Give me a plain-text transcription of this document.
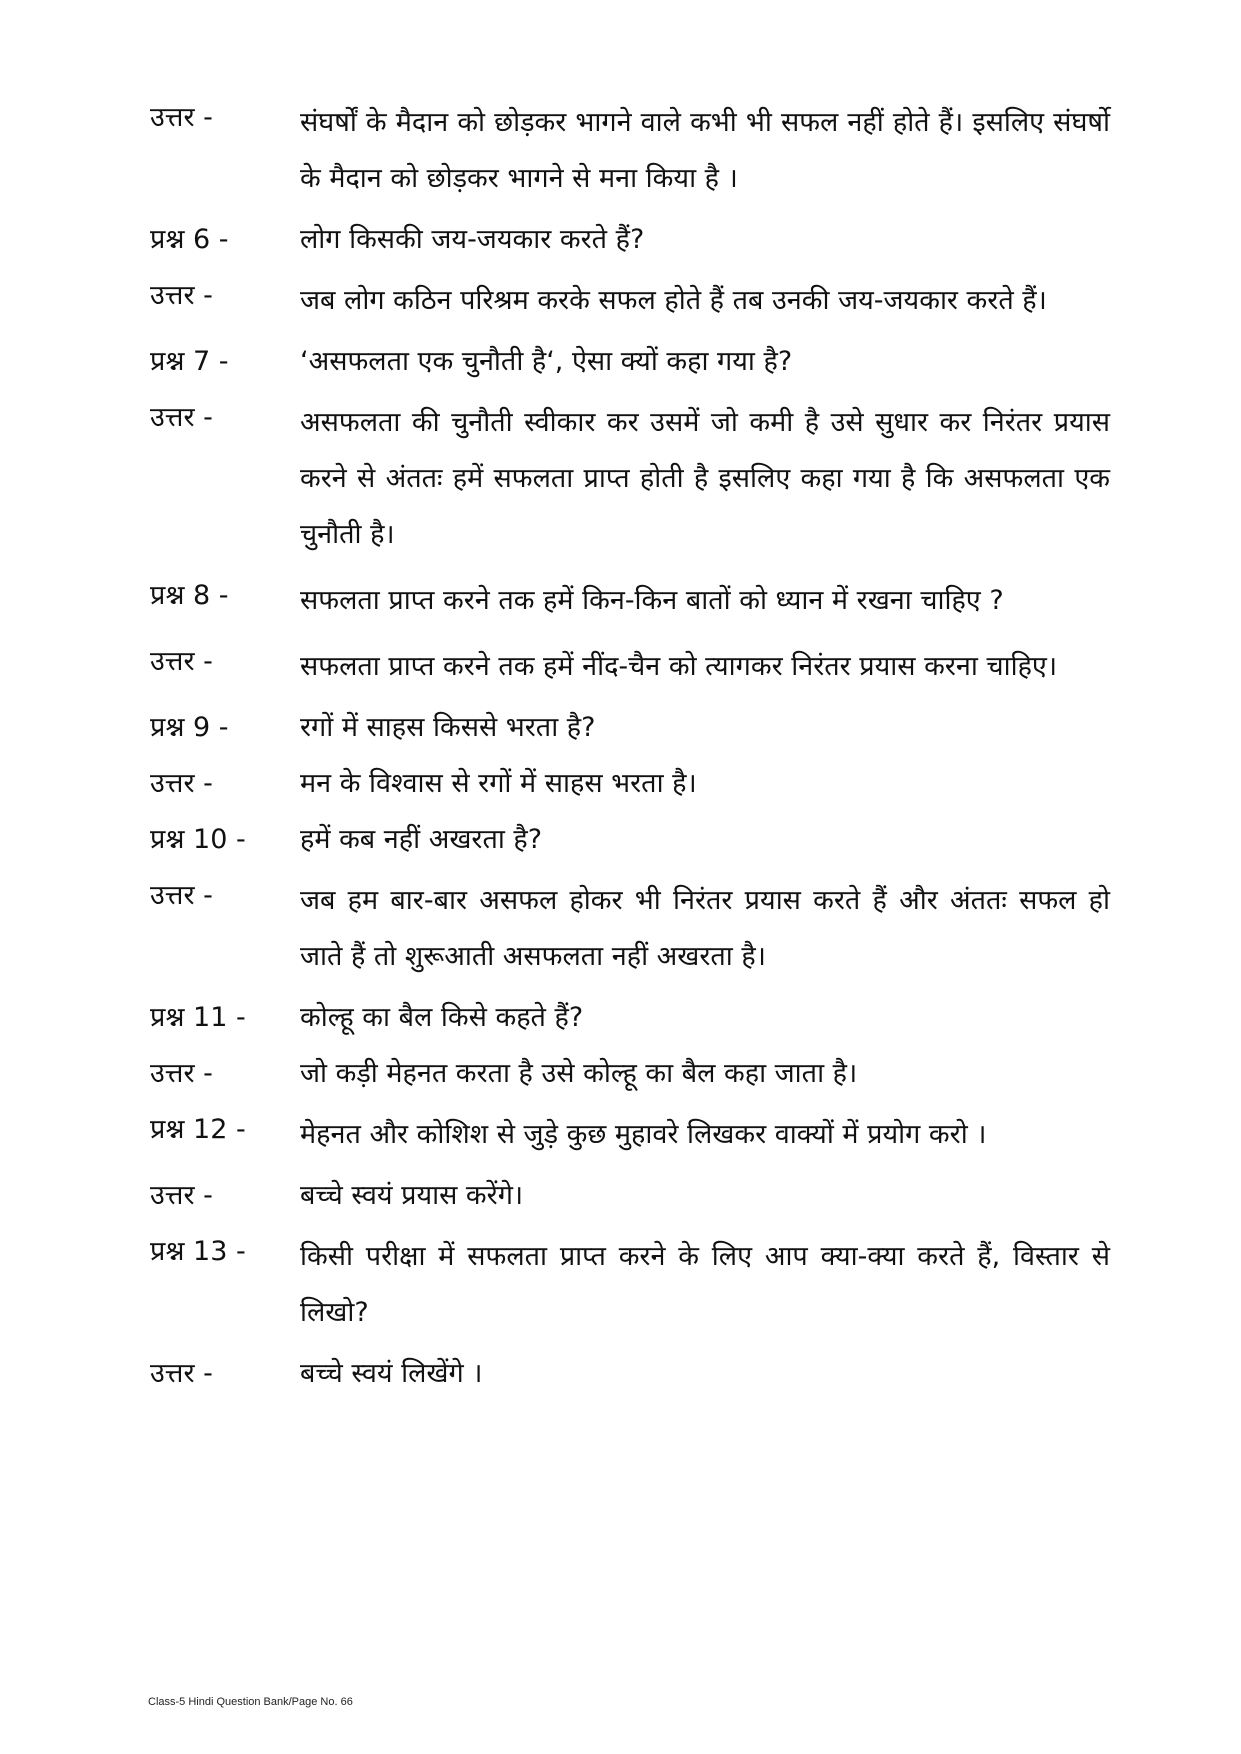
उत्तर -	संघर्षों के मैदान को छोड़कर भागने वाले कभी भी सफल नहीं होते हैं। इसलिए संघर्षो के मैदान को छोड़कर भागने से मना किया है ।
प्रश्न 6 -	लोग किसकी जय-जयकार करते हैं?
उत्तर -	जब लोग कठिन परिश्रम करके सफल होते हैं तब उनकी जय-जयकार करते हैं।
प्रश्न 7 -	‘असफलता एक चुनौती है‘, ऐसा क्यों कहा गया है?
उत्तर -	असफलता की चुनौती स्वीकार कर उसमें जो कमी है उसे सुधार कर निरंतर प्रयास करने से अंततः हमें सफलता प्राप्त होती है इसलिए कहा गया है कि असफलता एक चुनौती है।
प्रश्न 8 -	सफलता प्राप्त करने तक हमें किन-किन बातों को ध्यान में रखना चाहिए ?
उत्तर -	सफलता प्राप्त करने तक हमें नींद-चैन को त्यागकर निरंतर प्रयास करना चाहिए।
प्रश्न 9 -	रगों में साहस किससे भरता है?
उत्तर -	मन के विश्वास से रगों में साहस भरता है।
प्रश्न 10 -	हमें कब नहीं अखरता है?
उत्तर -	जब हम बार-बार असफल होकर भी निरंतर प्रयास करते हैं और अंततः सफल हो जाते हैं तो शुरूआती असफलता नहीं अखरता है।
प्रश्न 11 -	कोल्हू का बैल किसे कहते हैं?
उत्तर -	जो कड़ी मेहनत करता है उसे कोल्हू का बैल कहा जाता है।
प्रश्न 12 -	मेहनत और कोशिश से जुड़े कुछ मुहावरे लिखकर वाक्यों में प्रयोग करो ।
उत्तर -	बच्चे स्वयं प्रयास करेंगे।
प्रश्न 13 -	किसी परीक्षा में सफलता प्राप्त करने के लिए आप क्या-क्या करते हैं, विस्तार से लिखो?
उत्तर -	बच्चे स्वयं लिखेंगे ।
Class-5 Hindi Question Bank/Page No. 66
